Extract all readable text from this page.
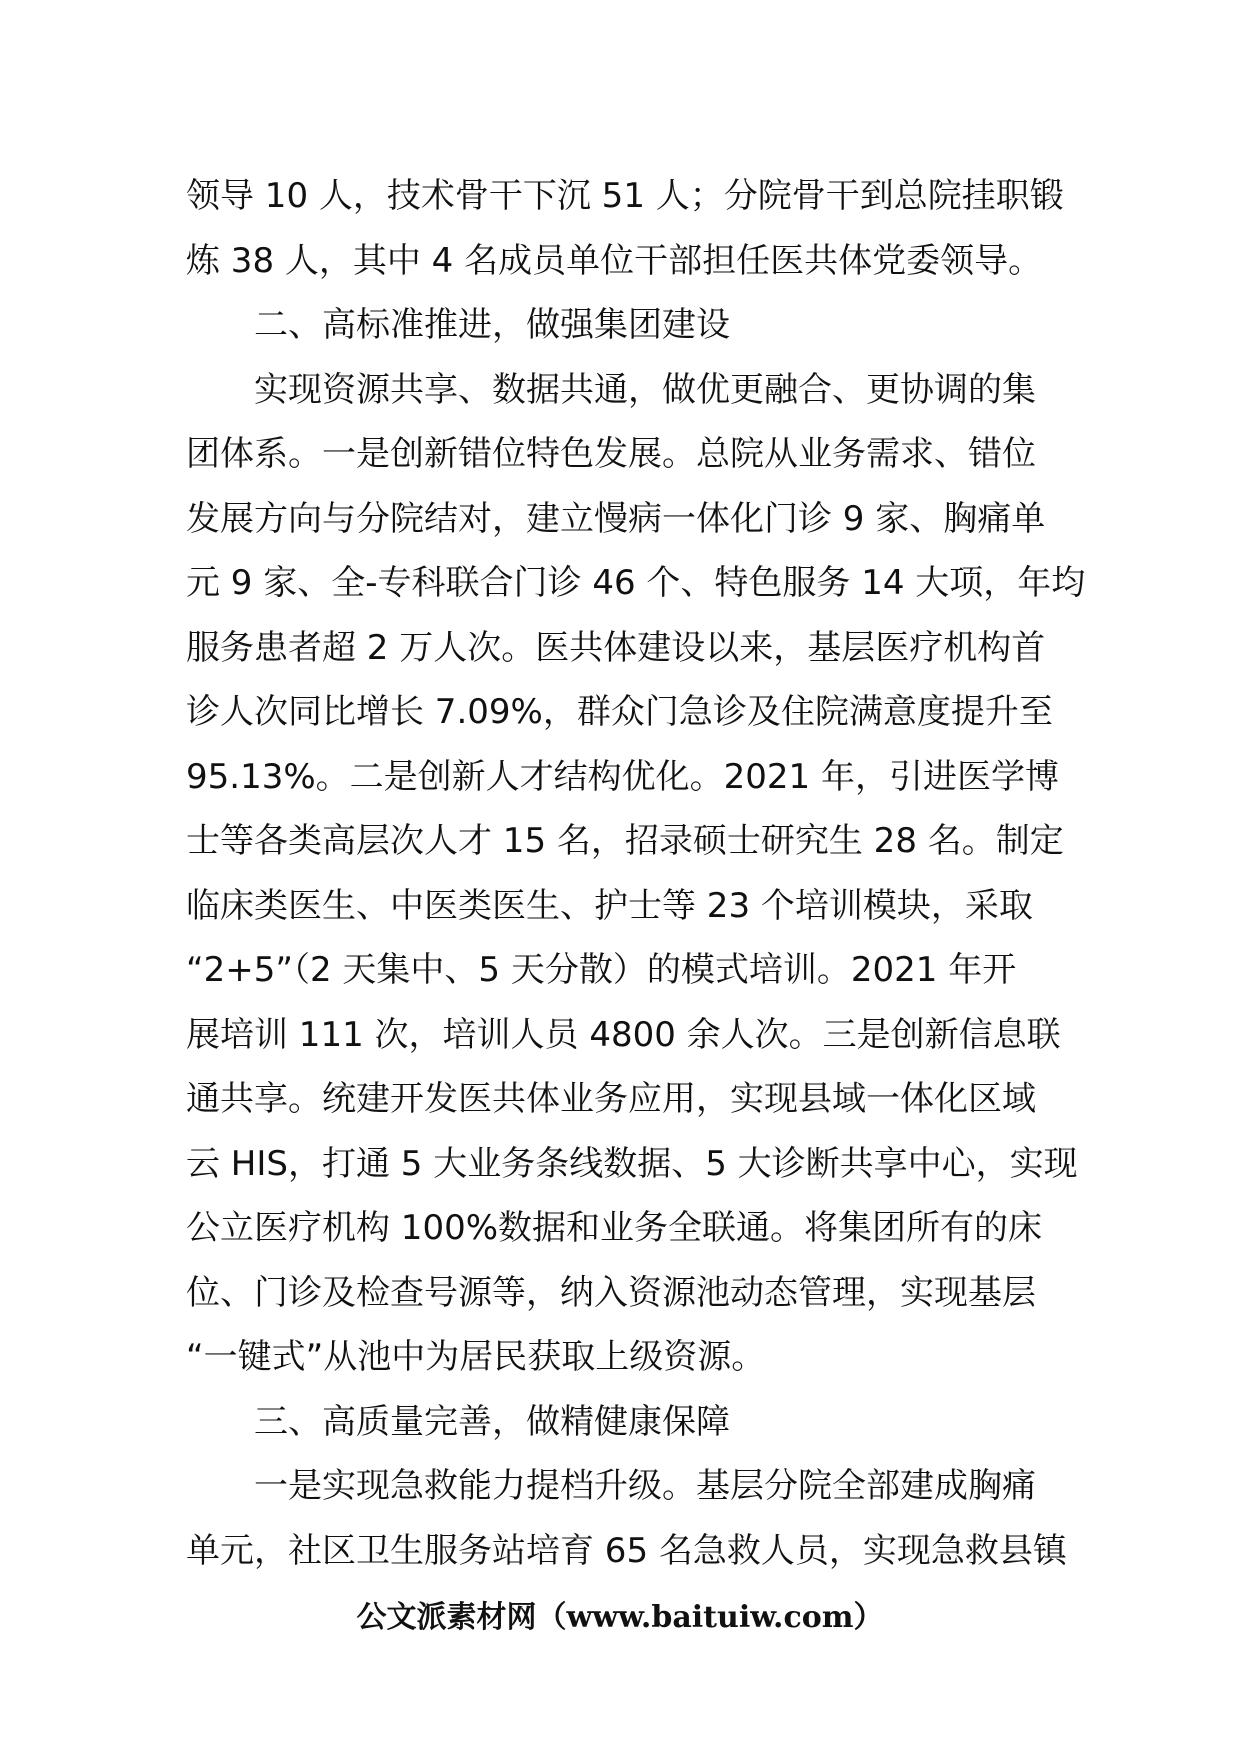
领导 10 人，技术骨干下沉 51 人；分院骨干到总院挂职锻
炼 38 人，其中 4 名成员单位干部担任医共体党委领导。
二、高标准推进，做强集团建设
实现资源共享、数据共通，做优更融合、更协调的集
团体系。一是创新错位特色发展。总院从业务需求、错位
发展方向与分院结对，建立慢病一体化门诊 9 家、胸痛单
元 9 家、全-专科联合门诊 46 个、特色服务 14 大项，年均
服务患者超 2 万人次。医共体建设以来，基层医疗机构首
诊人次同比增长 7.09%，群众门急诊及住院满意度提升至
95.13%。二是创新人才结构优化。2021 年，引进医学博
士等各类高层次人才 15 名，招录硕士研究生 28 名。制定
临床类医生、中医类医生、护士等 23 个培训模块，采取
“2+5”（2 天集中、5 天分散）的模式培训。2021 年开
展培训 111 次，培训人员 4800 余人次。三是创新信息联
通共享。统建开发医共体业务应用，实现县域一体化区域
云 HIS，打通 5 大业务条线数据、5 大诊断共享中心，实现
公立医疗机构 100%数据和业务全联通。将集团所有的床
位、门诊及检查号源等，纳入资源池动态管理，实现基层
“一键式”从池中为居民获取上级资源。
三、高质量完善，做精健康保障
一是实现急救能力提档升级。基层分院全部建成胸痛
单元，社区卫生服务站培育 65 名急救人员，实现急救县镇
公文派素材网（www.baituiw.com）
